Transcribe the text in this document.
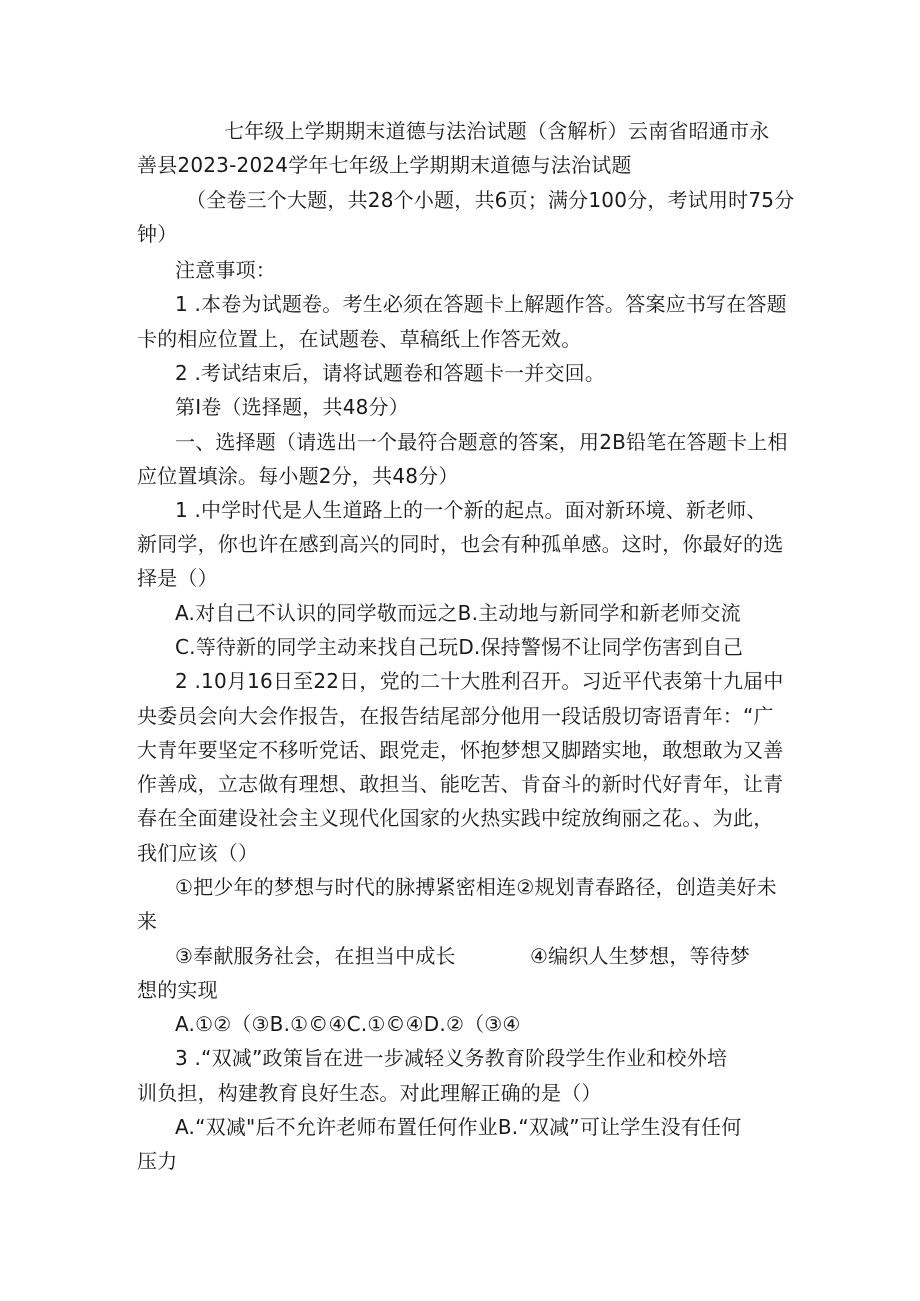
七年级上学期期末道德与法治试题（含解析）云南省昭通市永
善县2023-2024学年七年级上学期期末道德与法治试题
（全卷三个大题，共28个小题，共6页；满分100分，考试用时75分
钟）
注意事项：
1 .本卷为试题卷。考生必须在答题卡上解题作答。答案应书写在答题
卡的相应位置上，在试题卷、草稿纸上作答无效。
2 .考试结束后，请将试题卷和答题卡一并交回。
第I卷（选择题，共48分）
一、选择题（请选出一个最符合题意的答案，用2B铅笔在答题卡上相
应位置填涂。每小题2分，共48分）
1 .中学时代是人生道路上的一个新的起点。面对新环境、新老师、
新同学，你也许在感到高兴的同时，也会有种孤单感。这时，你最好的选
择是（）
A.对自己不认识的同学敬而远之B.主动地与新同学和新老师交流
C.等待新的同学主动来找自己玩D.保持警惕不让同学伤害到自己
2 .10月16日至22日，党的二十大胜利召开。习近平代表第十九届中
央委员会向大会作报告，在报告结尾部分他用一段话殷切寄语青年：“广
大青年要坚定不移听党话、跟党走，怀抱梦想又脚踏实地，敢想敢为又善
作善成，立志做有理想、敢担当、能吃苦、肯奋斗的新时代好青年，让青
春在全面建设社会主义现代化国家的火热实践中绽放绚丽之花。、为此，
我们应该（）
①把少年的梦想与时代的脉搏紧密相连②规划青春路径，创造美好未
来
③奉献服务社会，在担当中成长	④编织人生梦想，等待梦
想的实现
A.①②（③B.①©④C.①©④D.②（③④
3 .“双减”政策旨在进一步减轻义务教育阶段学生作业和校外培
训负担，构建教育良好生态。对此理解正确的是（）
A.“双减"后不允许老师布置任何作业B.“双减”可让学生没有任何
压力
